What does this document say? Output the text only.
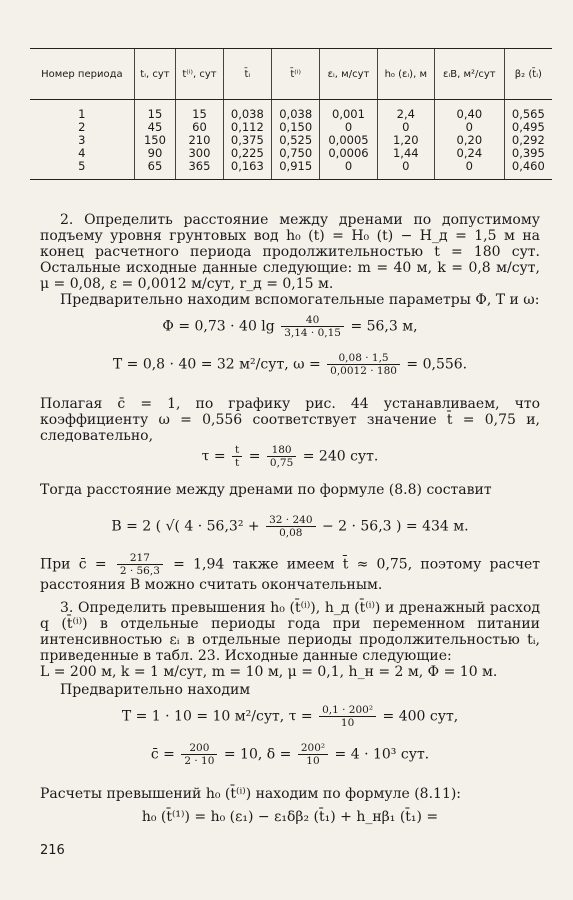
Номер периода	tᵢ, сут	t⁽ⁱ⁾, сут	t̄ᵢ	t̄⁽ⁱ⁾	εᵢ, м/сут	h₀ (εᵢ), м	εᵢB, м²/сут	β₂ (t̄ᵢ)
1	15	15	0,038	0,038	0,001	2,4	0,40	0,565
2	45	60	0,112	0,150	0	0	0	0,495
3	150	210	0,375	0,525	0,0005	1,20	0,20	0,292
4	90	300	0,225	0,750	0,0006	1,44	0,24	0,395
5	65	365	0,163	0,915	0	0	0	0,460
2. Определить расстояние между дренами по допустимому подъему уровня грунтовых вод h₀ (t) = H₀ (t) − H_д = 1,5 м на конец расчетного периода продолжительностью t = 180 сут. Остальные исходные данные следующие: m = 40 м, k = 0,8 м/сут, μ = 0,08, ε = 0,0012 м/сут, r_д = 0,15 м.
Предварительно находим вспомогательные параметры Φ, T и ω:
Φ = 0,73 · 40 $\lg \frac{40}{3,14 \cdot 0,15} = 56,3$ м,
T = 0,8 · 40 = 32 м²/сут, $\omega = \frac{0,08 \cdot 1,5}{0,0012 \cdot 180} = 0,556$.
Полагая c̄ = 1, по графику рис. 44 устанавливаем, что коэффициенту ω = 0,556 соответствует значение t̄ = 0,75 и, следовательно,
$\tau = \frac{t}{t̄} = \frac{180}{0,75} = 240$ сут.
Тогда расстояние между дренами по формуле (8.8) составит
B = 2 ( √( $4 \cdot 56,3^2 + \frac{32 \cdot 240}{0,08} - 2 \cdot 56,3$ ) = 434 м.
При c̄ = $\frac{217}{2 \cdot 56,3} = 1,94$ также имеем t̄ ≈ 0,75, поэтому расчет расстояния B можно считать окончательным.
3. Определить превышения h₀ (t̄⁽ⁱ⁾), h_д (t̄⁽ⁱ⁾) и дренажный расход q (t̄⁽ⁱ⁾) в отдельные периоды года при переменном питании интенсивностью εᵢ в отдельные периоды продолжительностью tᵢ, приведенные в табл. 23. Исходные данные следующие:
L = 200 м, k = 1 м/сут, m = 10 м, μ = 0,1, h_н = 2 м, Φ = 10 м.
Предварительно находим
T = 1 · 10 = 10 м²/сут, $\tau = \frac{\text{0,1 · 200²}}{10} = 400$ сут,
c̄ = $\frac{200}{2 \cdot 10} = 10$, $\delta = \frac{\text{200²}}{10} = 4 \cdot 10^3$ сут.
Расчеты превышений h₀ (t̄⁽ⁱ⁾) находим по формуле (8.11):
h₀ (t̄⁽¹⁾) = h₀ (ε₁) − ε₁δβ₂ (t̄₁) + h_нβ₁ (t̄₁) =
216
